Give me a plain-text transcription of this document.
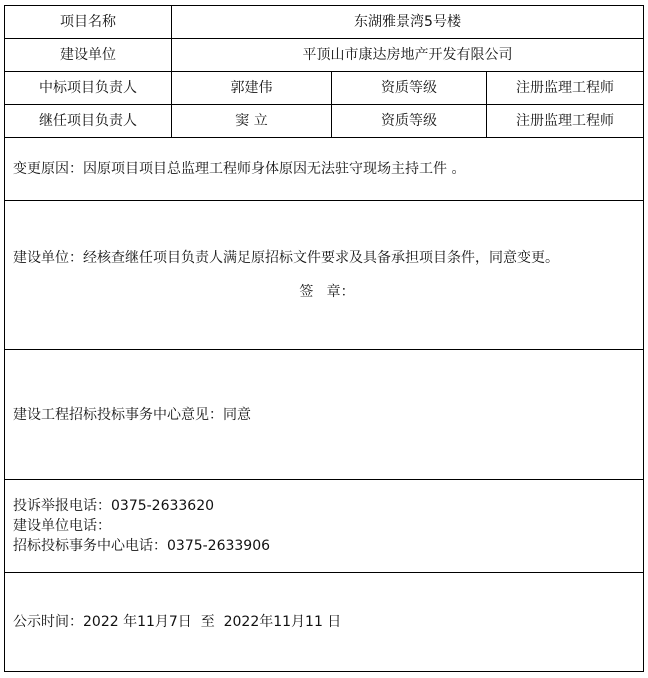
项目名称	东湖雅景湾5号楼		
建设单位	平顶山市康达房地产开发有限公司		
中标项目负责人	郭建伟	资质等级	注册监理工程师
继任项目负责人	窦 立	资质等级	注册监理工程师
变更原因：因原项目项目总监理工程师身体原因无法驻守现场主持工件 。			

建设单位：经核查继任项目负责人满足原招标文件要求及具备承担项目条件，同意变更。
签   章：			

建设工程招标投标事务中心意见：同意			

投诉举报电话：0375-2633620
建设单位电话：
招标投标事务中心电话：0375-2633906			

公示时间：2022 年11月7日  至  2022年11月11 日			
